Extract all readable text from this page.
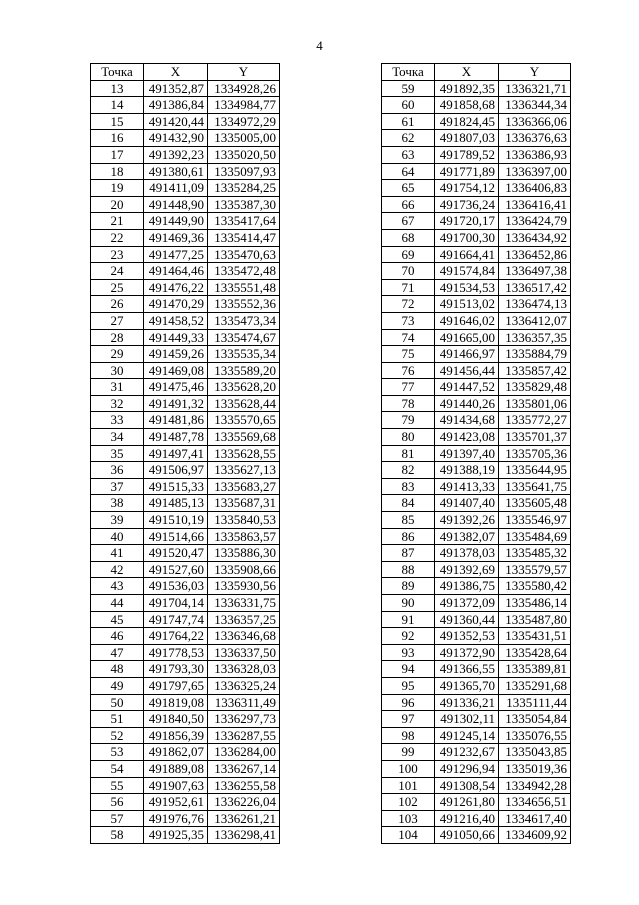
4
Точка	X	Y
13	491352,87	1334928,26
14	491386,84	1334984,77
15	491420,44	1334972,29
16	491432,90	1335005,00
17	491392,23	1335020,50
18	491380,61	1335097,93
19	491411,09	1335284,25
20	491448,90	1335387,30
21	491449,90	1335417,64
22	491469,36	1335414,47
23	491477,25	1335470,63
24	491464,46	1335472,48
25	491476,22	1335551,48
26	491470,29	1335552,36
27	491458,52	1335473,34
28	491449,33	1335474,67
29	491459,26	1335535,34
30	491469,08	1335589,20
31	491475,46	1335628,20
32	491491,32	1335628,44
33	491481,86	1335570,65
34	491487,78	1335569,68
35	491497,41	1335628,55
36	491506,97	1335627,13
37	491515,33	1335683,27
38	491485,13	1335687,31
39	491510,19	1335840,53
40	491514,66	1335863,57
41	491520,47	1335886,30
42	491527,60	1335908,66
43	491536,03	1335930,56
44	491704,14	1336331,75
45	491747,74	1336357,25
46	491764,22	1336346,68
47	491778,53	1336337,50
48	491793,30	1336328,03
49	491797,65	1336325,24
50	491819,08	1336311,49
51	491840,50	1336297,73
52	491856,39	1336287,55
53	491862,07	1336284,00
54	491889,08	1336267,14
55	491907,63	1336255,58
56	491952,61	1336226,04
57	491976,76	1336261,21
58	491925,35	1336298,41
Точка	X	Y
59	491892,35	1336321,71
60	491858,68	1336344,34
61	491824,45	1336366,06
62	491807,03	1336376,63
63	491789,52	1336386,93
64	491771,89	1336397,00
65	491754,12	1336406,83
66	491736,24	1336416,41
67	491720,17	1336424,79
68	491700,30	1336434,92
69	491664,41	1336452,86
70	491574,84	1336497,38
71	491534,53	1336517,42
72	491513,02	1336474,13
73	491646,02	1336412,07
74	491665,00	1336357,35
75	491466,97	1335884,79
76	491456,44	1335857,42
77	491447,52	1335829,48
78	491440,26	1335801,06
79	491434,68	1335772,27
80	491423,08	1335701,37
81	491397,40	1335705,36
82	491388,19	1335644,95
83	491413,33	1335641,75
84	491407,40	1335605,48
85	491392,26	1335546,97
86	491382,07	1335484,69
87	491378,03	1335485,32
88	491392,69	1335579,57
89	491386,75	1335580,42
90	491372,09	1335486,14
91	491360,44	1335487,80
92	491352,53	1335431,51
93	491372,90	1335428,64
94	491366,55	1335389,81
95	491365,70	1335291,68
96	491336,21	1335111,44
97	491302,11	1335054,84
98	491245,14	1335076,55
99	491232,67	1335043,85
100	491296,94	1335019,36
101	491308,54	1334942,28
102	491261,80	1334656,51
103	491216,40	1334617,40
104	491050,66	1334609,92
